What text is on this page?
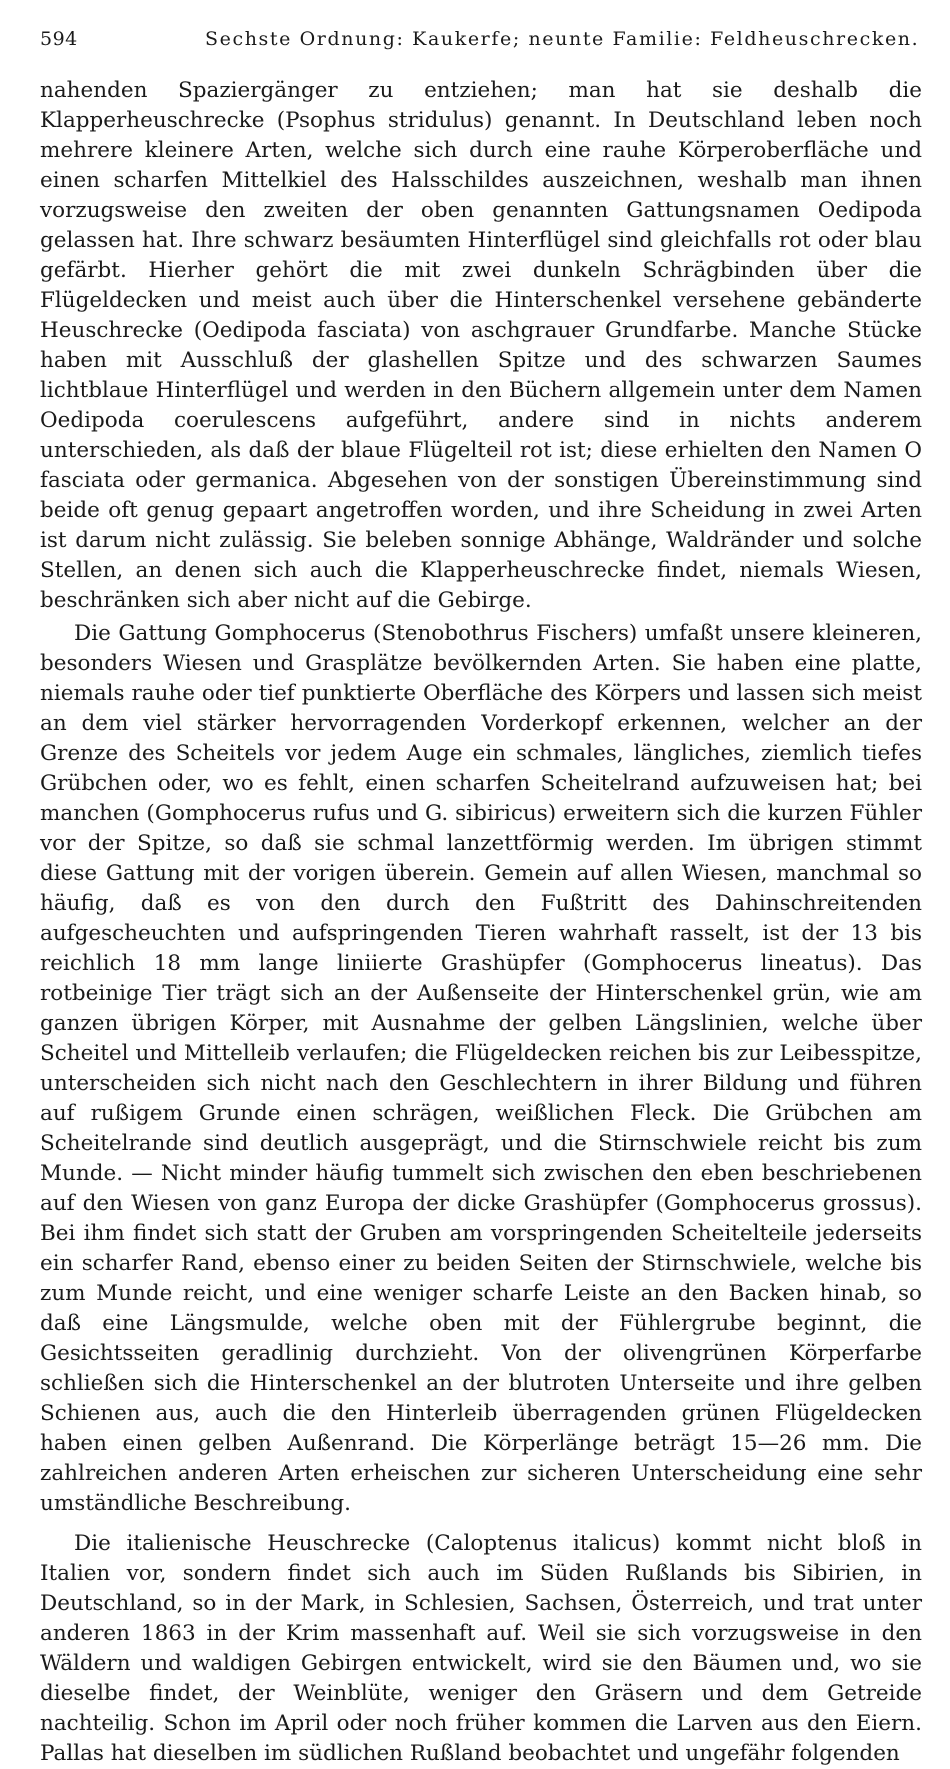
594	Sechste Ordnung: Kaukerfe; neunte Familie: Feldheuschrecken.

nahenden Spaziergänger zu entziehen; man hat sie deshalb die Klapperheuschrecke (Psophus stridulus) genannt. In Deutschland leben noch mehrere kleinere Arten, welche sich durch eine rauhe Körperoberfläche und einen scharfen Mittelkiel des Halsschildes auszeichnen, weshalb man ihnen vorzugsweise den zweiten der oben genannten Gattungsnamen Oedipoda gelassen hat. Ihre schwarz besäumten Hinterflügel sind gleichfalls rot oder blau gefärbt. Hierher gehört die mit zwei dunkeln Schrägbinden über die Flügeldecken und meist auch über die Hinterschenkel versehene gebänderte Heuschrecke (Oedipoda fasciata) von aschgrauer Grundfarbe. Manche Stücke haben mit Ausschluß der glashellen Spitze und des schwarzen Saumes lichtblaue Hinterflügel und werden in den Büchern allgemein unter dem Namen Oedipoda coerulescens aufgeführt, andere sind in nichts anderem unterschieden, als daß der blaue Flügelteil rot ist; diese erhielten den Namen O fasciata oder germanica. Abgesehen von der sonstigen Übereinstimmung sind beide oft genug gepaart angetroffen worden, und ihre Scheidung in zwei Arten ist darum nicht zulässig. Sie beleben sonnige Abhänge, Waldränder und solche Stellen, an denen sich auch die Klapperheuschrecke findet, niemals Wiesen, beschränken sich aber nicht auf die Gebirge.

Die Gattung Gomphocerus (Stenobothrus Fischers) umfaßt unsere kleineren, besonders Wiesen und Grasplätze bevölkernden Arten. Sie haben eine platte, niemals rauhe oder tief punktierte Oberfläche des Körpers und lassen sich meist an dem viel stärker hervorragenden Vorderkopf erkennen, welcher an der Grenze des Scheitels vor jedem Auge ein schmales, längliches, ziemlich tiefes Grübchen oder, wo es fehlt, einen scharfen Scheitelrand aufzuweisen hat; bei manchen (Gomphocerus rufus und G. sibiricus) erweitern sich die kurzen Fühler vor der Spitze, so daß sie schmal lanzettförmig werden. Im übrigen stimmt diese Gattung mit der vorigen überein. Gemein auf allen Wiesen, manchmal so häufig, daß es von den durch den Fußtritt des Dahinschreitenden aufgescheuchten und aufspringenden Tieren wahrhaft rasselt, ist der 13 bis reichlich 18 mm lange liniierte Grashüpfer (Gomphocerus lineatus). Das rotbeinige Tier trägt sich an der Außenseite der Hinterschenkel grün, wie am ganzen übrigen Körper, mit Ausnahme der gelben Längslinien, welche über Scheitel und Mittelleib verlaufen; die Flügeldecken reichen bis zur Leibesspitze, unterscheiden sich nicht nach den Geschlechtern in ihrer Bildung und führen auf rußigem Grunde einen schrägen, weißlichen Fleck. Die Grübchen am Scheitelrande sind deutlich ausgeprägt, und die Stirnschwiele reicht bis zum Munde. — Nicht minder häufig tummelt sich zwischen den eben beschriebenen auf den Wiesen von ganz Europa der dicke Grashüpfer (Gomphocerus grossus). Bei ihm findet sich statt der Gruben am vorspringenden Scheitelteile jederseits ein scharfer Rand, ebenso einer zu beiden Seiten der Stirnschwiele, welche bis zum Munde reicht, und eine weniger scharfe Leiste an den Backen hinab, so daß eine Längsmulde, welche oben mit der Fühlergrube beginnt, die Gesichtsseiten geradlinig durchzieht. Von der olivengrünen Körperfarbe schließen sich die Hinterschenkel an der blutroten Unterseite und ihre gelben Schienen aus, auch die den Hinterleib überragenden grünen Flügeldecken haben einen gelben Außenrand. Die Körperlänge beträgt 15—26 mm. Die zahlreichen anderen Arten erheischen zur sicheren Unterscheidung eine sehr umständliche Beschreibung.

Die italienische Heuschrecke (Caloptenus italicus) kommt nicht bloß in Italien vor, sondern findet sich auch im Süden Rußlands bis Sibirien, in Deutschland, so in der Mark, in Schlesien, Sachsen, Österreich, und trat unter anderen 1863 in der Krim massenhaft auf. Weil sie sich vorzugsweise in den Wäldern und waldigen Gebirgen entwickelt, wird sie den Bäumen und, wo sie dieselbe findet, der Weinblüte, weniger den Gräsern und dem Getreide nachteilig. Schon im April oder noch früher kommen die Larven aus den Eiern. Pallas hat dieselben im südlichen Rußland beobachtet und ungefähr folgenden
